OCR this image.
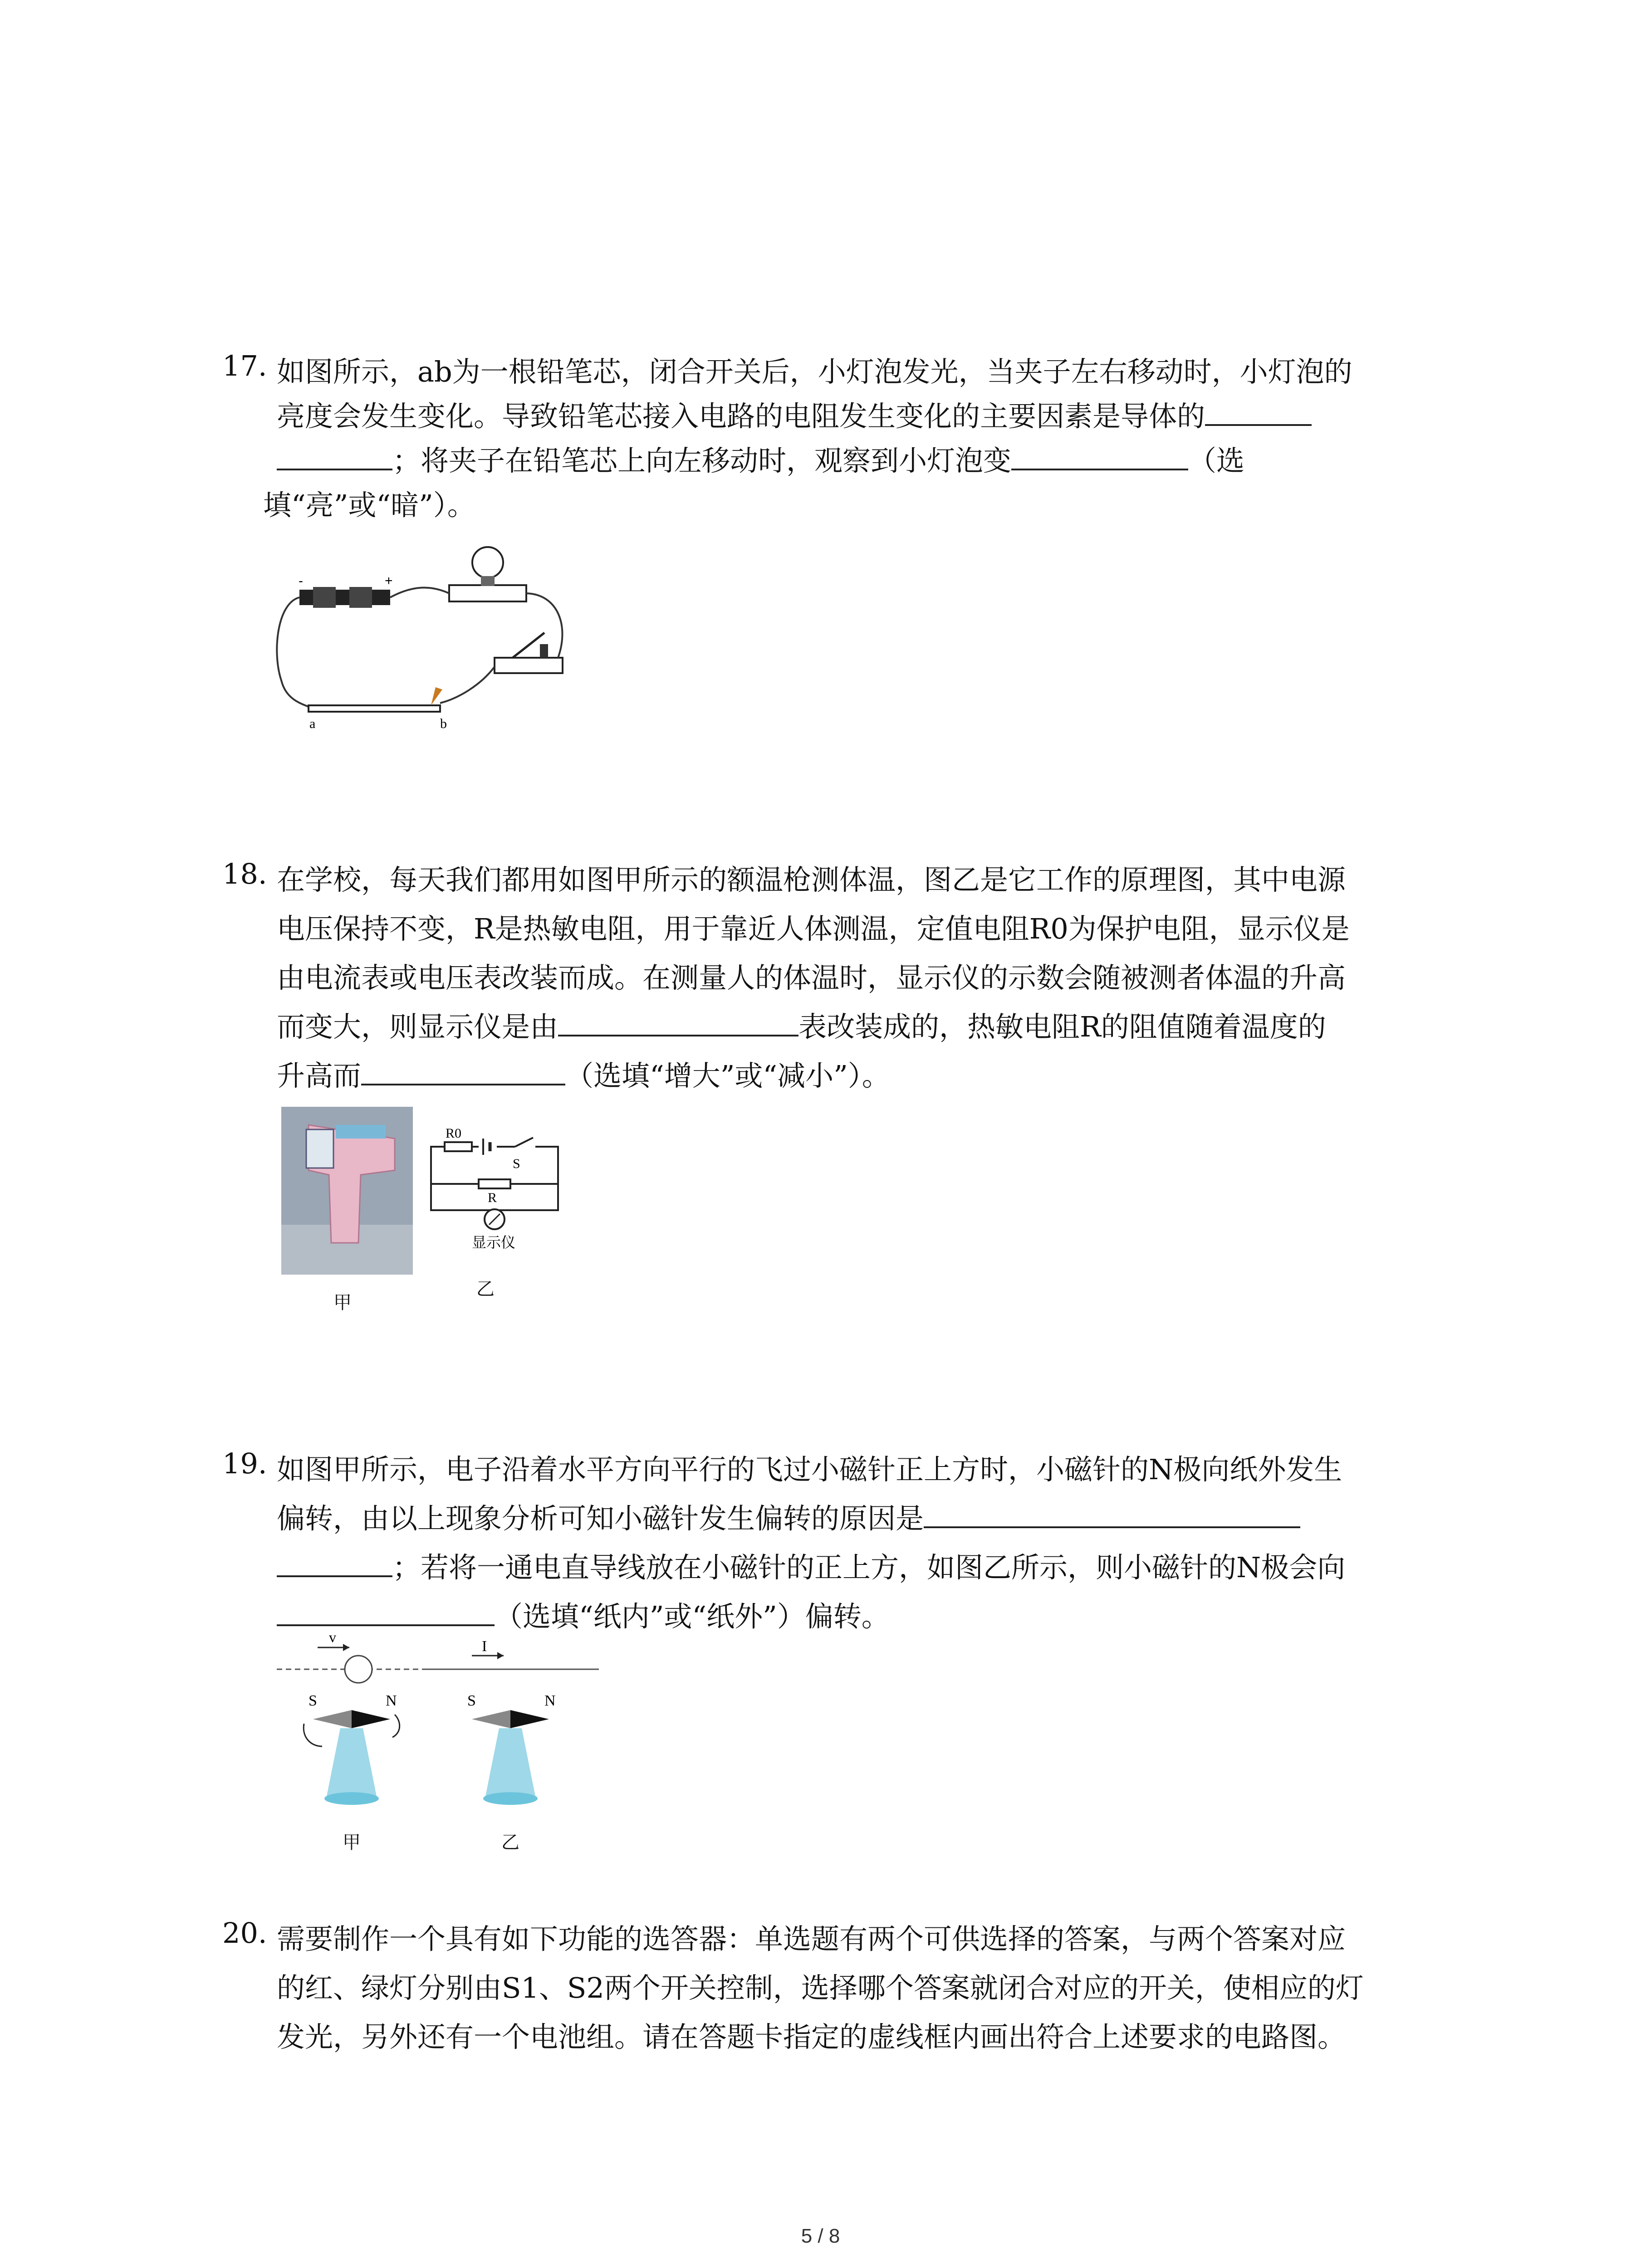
17. 如图所示，ab为一根铅笔芯，闭合开关后，小灯泡发光，当夹子左右移动时，小灯泡的
亮度会发生变化。导致铅笔芯接入电路的电阻发生变化的主要因素是导体的
；将夹子在铅笔芯上向左移动时，观察到小灯泡变	（选
填“亮”或“暗”）。
-	+
a	b
18. 在学校，每天我们都用如图甲所示的额温枪测体温，图乙是它工作的原理图，其中电源
电压保持不变，R是热敏电阻，用于靠近人体测温，定值电阻R0为保护电阻，显示仪是
由电流表或电压表改装而成。在测量人的体温时，显示仪的示数会随被测者体温的升高
而变大，则显示仪是由	表改装成的，热敏电阻R的阻值随着温度的
升高而	（选填“增大”或“减小”）。
甲
R0
S
R
显示仪
乙
19. 如图甲所示，电子沿着水平方向平行的飞过小磁针正上方时，小磁针的N极向纸外发生
偏转，由以上现象分析可知小磁针发生偏转的原因是
；若将一通电直导线放在小磁针的正上方，如图乙所示，则小磁针的N极会向
（选填“纸内”或“纸外”）偏转。
v
S	N
I
S	N
甲	乙
20. 需要制作一个具有如下功能的选答器：单选题有两个可供选择的答案，与两个答案对应
的红、绿灯分别由S1、S2两个开关控制，选择哪个答案就闭合对应的开关，使相应的灯
发光，另外还有一个电池组。请在答题卡指定的虚线框内画出符合上述要求的电路图。
5 / 8
